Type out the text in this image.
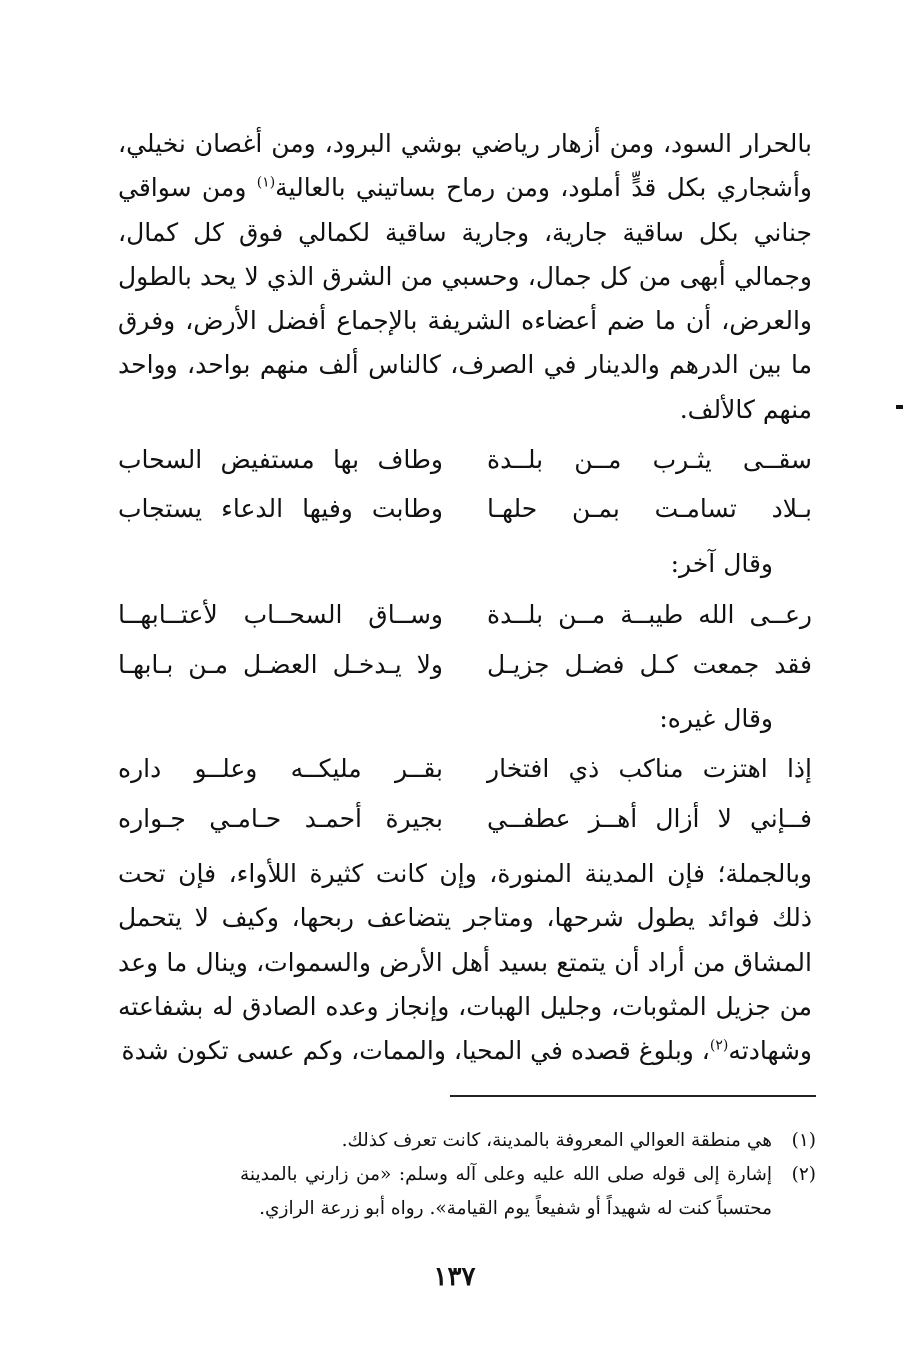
بالحرار السود، ومن أزهار رياضي بوشي البرود، ومن أغصان نخيلي، وأشجاري بكل قدٍّ أملود، ومن رماح بساتيني بالعالية$^{(١)}$ ومن سواقي جناني بكل ساقية جارية، وجارية ساقية لكمالي فوق كل كمال، وجمالي أبهى من كل جمال، وحسبي من الشرق الذي لا يحد بالطول والعرض، أن ما ضم أعضاءه الشريفة بالإجماع أفضل الأرض، وفرق ما بين الدرهم والدينار في الصرف، كالناس ألف منهم بواحد، وواحد منهم كالألف.

سقــى يثـرب مــن بلــدة
وطاف بها مستفيض السحاب
بـلاد تسامـت بمـن حلهـا
وطابت وفيها الدعاء يستجاب
وقال آخر:
رعــى الله طيبــة مــن بلــدة
وســاق السحــاب لأعتــابهــا
فقد جمعت كـل فضـل جزيـل
ولا يـدخـل العضـل مـن بـابهـا
وقال غيره:
إذا اهتزت مناكب ذي افتخار
بقــر مليكــه وعلــو داره
فــإني لا أزال أهــز عطفــي
بجيرة أحمـد حـامـي جـواره

وبالجملة؛ فإن المدينة المنورة، وإن كانت كثيرة اللأواء، فإن تحت ذلك فوائد يطول شرحها، ومتاجر يتضاعف ربحها، وكيف لا يتحمل المشاق من أراد أن يتمتع بسيد أهل الأرض والسموات، وينال ما وعد من جزيل المثوبات، وجليل الهبات، وإنجاز وعده الصادق له بشفاعته وشهادته$^{(٢)}$، وبلوغ قصده في المحيا، والممات، وكم عسى تكون شدة

(١)
هي منطقة العوالي المعروفة بالمدينة، كانت تعرف كذلك.
(٢)
إشارة إلى قوله صلى الله عليه وعلى آله وسلم: «من زارني بالمدينة محتسباً كنت له شهيداً أو شفيعاً يوم القيامة». رواه أبو زرعة الرازي.
١٣٧
